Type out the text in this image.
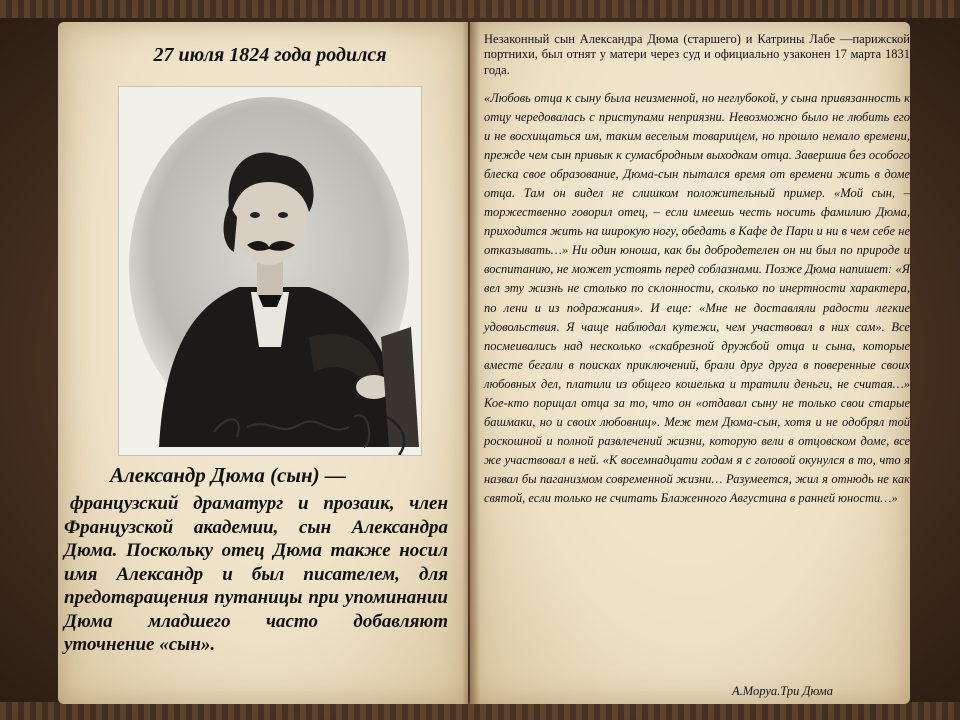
27 июля 1824 года родился
Александр Дюма (сын) —
французский драматург и прозаик, член Французской академии, сын Александра Дюма. Поскольку отец Дюма также носил имя Александр и был писателем, для предотвращения путаницы при упоминании Дюма младшего часто добавляют уточнение «сын».
Незаконный сын Александра Дюма (старшего) и Катрины Лабе —парижской портнихи, был отнят у матери через суд и официально узаконен 17 марта 1831 года.
«Любовь отца к сыну была неизменной, но неглубокой, у сына привязанность к отцу чередовалась с приступами неприязни. Невозможно было не любить его и не восхищаться им, таким веселым товарищем, но прошло немало времени, прежде чем сын привык к сумасбродным выходкам отца. Завершив без особого блеска свое образование, Дюма-сын пытался время от времени жить в доме отца. Там он видел не слишком положительный пример. «Мой сын, – торжественно говорил отец, – если имеешь честь носить фамилию Дюма, приходится жить на широкую ногу, обедать в Кафе де Пари и ни в чем себе не отказывать…» Ни один юноша, как бы добродетелен он ни был по природе и воспитанию, не может устоять перед соблазнами. Позже Дюма напишет: «Я вел эту жизнь не столько по склонности, сколько по инертности характера, по лени и из подражания». И еще: «Мне не доставляли радости легкие удовольствия. Я чаще наблюдал кутежи, чем участвовал в них сам». Все посмеивались над несколько «скабрезной дружбой отца и сына, которые вместе бегали в поисках приключений, брали друг друга в поверенные своих любовных дел, платили из общего кошелька и тратили деньги, не считая…» Кое-кто порицал отца за то, что он «отдавал сыну не только свои старые башмаки, но и своих любовниц». Меж тем Дюма-сын, хотя и не одобрял той роскошной и полной развлечений жизни, которую вели в отцовском доме, все же участвовал в ней. «К восемнадцати годам я с головой окунулся в то, что я назвал бы паганизмом современной жизни… Разумеется, жил я отнюдь не как святой, если только не считать Блаженного Августина в ранней юности…»
А.Моруа.Три Дюма
